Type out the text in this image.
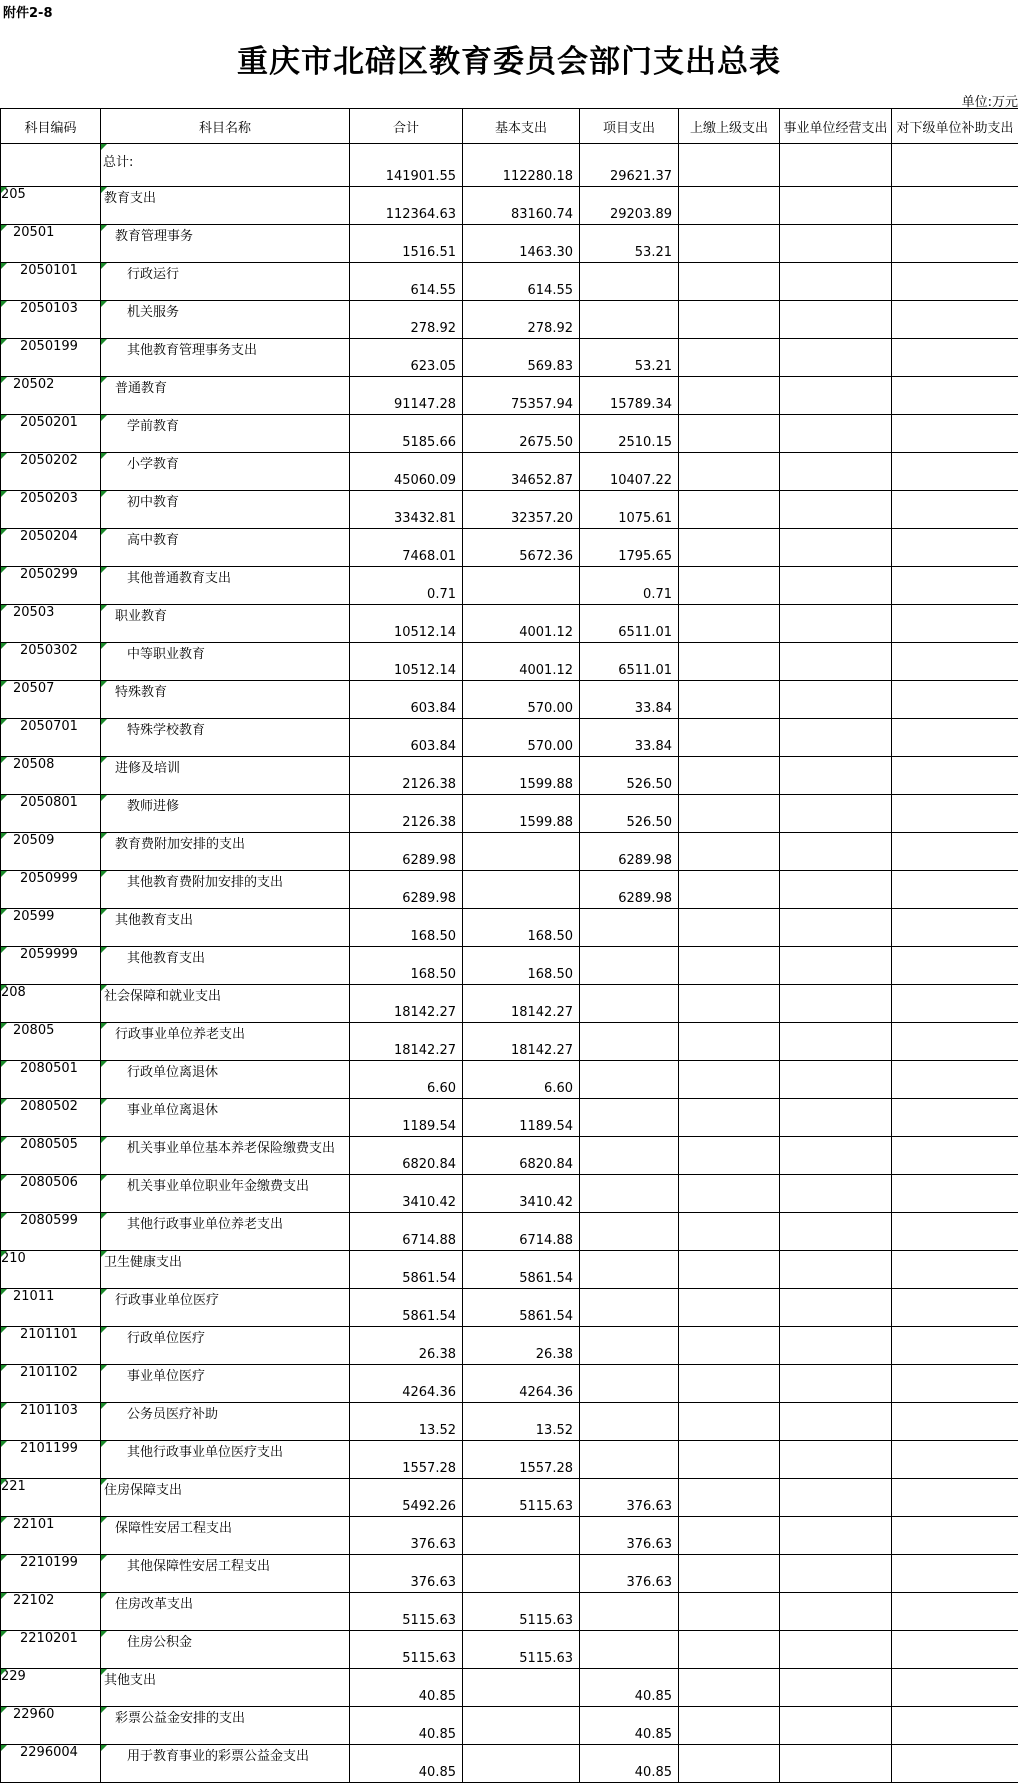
附件2-8
重庆市北碚区教育委员会部门支出总表
单位:万元
科目编码	科目名称	合计	基本支出	项目支出	上缴上级支出	事业单位经营支出	对下级单位补助支出
	总计:	141901.55	112280.18	29621.37			
205	教育支出	112364.63	83160.74	29203.89			
20501	教育管理事务	1516.51	1463.30	53.21			
2050101	行政运行	614.55	614.55				
2050103	机关服务	278.92	278.92				
2050199	其他教育管理事务支出	623.05	569.83	53.21			
20502	普通教育	91147.28	75357.94	15789.34			
2050201	学前教育	5185.66	2675.50	2510.15			
2050202	小学教育	45060.09	34652.87	10407.22			
2050203	初中教育	33432.81	32357.20	1075.61			
2050204	高中教育	7468.01	5672.36	1795.65			
2050299	其他普通教育支出	0.71		0.71			
20503	职业教育	10512.14	4001.12	6511.01			
2050302	中等职业教育	10512.14	4001.12	6511.01			
20507	特殊教育	603.84	570.00	33.84			
2050701	特殊学校教育	603.84	570.00	33.84			
20508	进修及培训	2126.38	1599.88	526.50			
2050801	教师进修	2126.38	1599.88	526.50			
20509	教育费附加安排的支出	6289.98		6289.98			
2050999	其他教育费附加安排的支出	6289.98		6289.98			
20599	其他教育支出	168.50	168.50				
2059999	其他教育支出	168.50	168.50				
208	社会保障和就业支出	18142.27	18142.27				
20805	行政事业单位养老支出	18142.27	18142.27				
2080501	行政单位离退休	6.60	6.60				
2080502	事业单位离退休	1189.54	1189.54				
2080505	机关事业单位基本养老保险缴费支出	6820.84	6820.84				
2080506	机关事业单位职业年金缴费支出	3410.42	3410.42				
2080599	其他行政事业单位养老支出	6714.88	6714.88				
210	卫生健康支出	5861.54	5861.54				
21011	行政事业单位医疗	5861.54	5861.54				
2101101	行政单位医疗	26.38	26.38				
2101102	事业单位医疗	4264.36	4264.36				
2101103	公务员医疗补助	13.52	13.52				
2101199	其他行政事业单位医疗支出	1557.28	1557.28				
221	住房保障支出	5492.26	5115.63	376.63			
22101	保障性安居工程支出	376.63		376.63			
2210199	其他保障性安居工程支出	376.63		376.63			
22102	住房改革支出	5115.63	5115.63				
2210201	住房公积金	5115.63	5115.63				
229	其他支出	40.85		40.85			
22960	彩票公益金安排的支出	40.85		40.85			
2296004	用于教育事业的彩票公益金支出	40.85		40.85			
